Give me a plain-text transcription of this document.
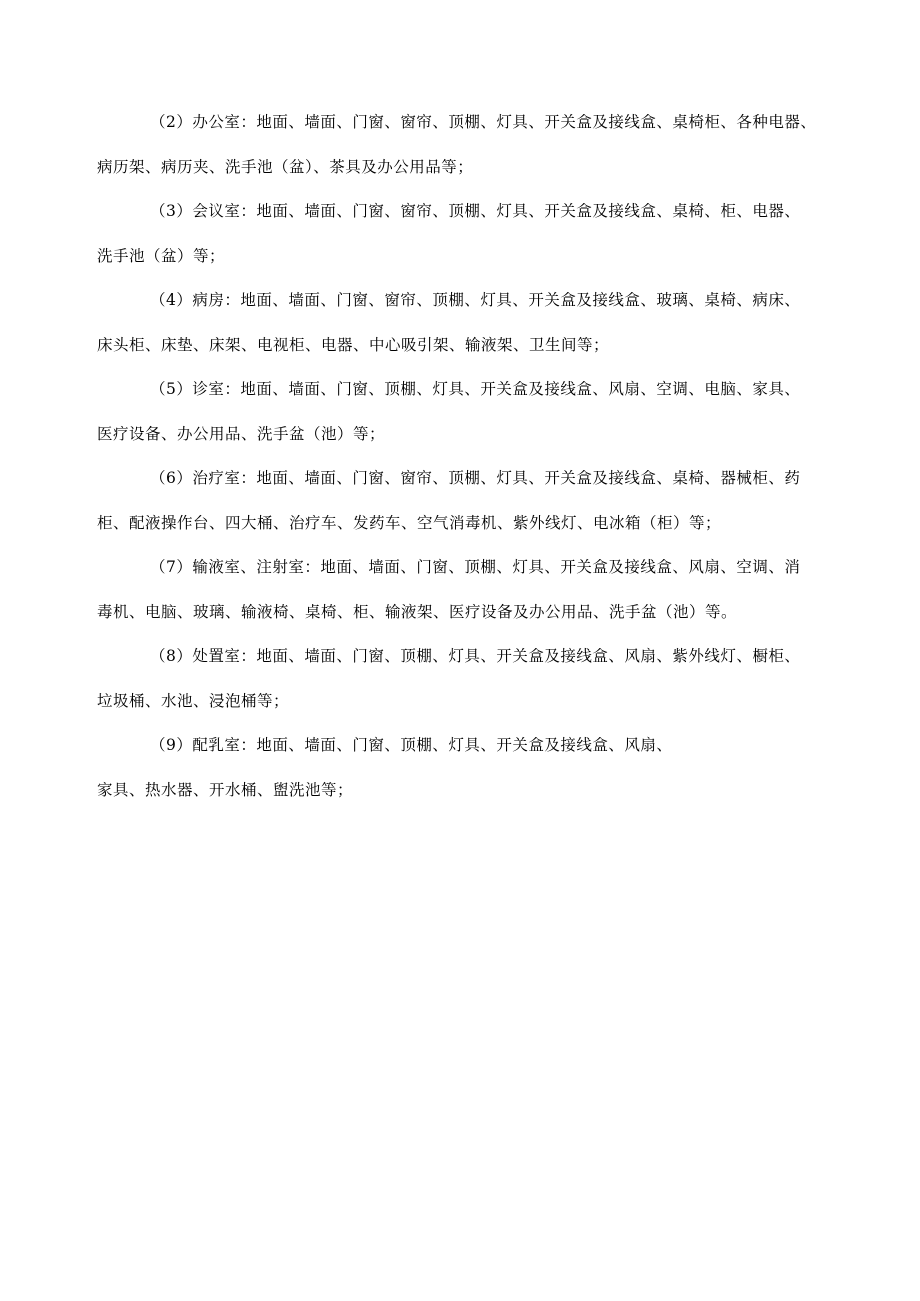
（2）办公室：地面、墙面、门窗、窗帘、顶棚、灯具、开关盒及接线盒、桌椅柜、各种电器、
病历架、病历夹、洗手池（盆）、茶具及办公用品等；

（3）会议室：地面、墙面、门窗、窗帘、顶棚、灯具、开关盒及接线盒、桌椅、柜、电器、
洗手池（盆）等；

（4）病房：地面、墙面、门窗、窗帘、顶棚、灯具、开关盒及接线盒、玻璃、桌椅、病床、
床头柜、床垫、床架、电视柜、电器、中心吸引架、输液架、卫生间等；

（5）诊室：地面、墙面、门窗、顶棚、灯具、开关盒及接线盒、风扇、空调、电脑、家具、
医疗设备、办公用品、洗手盆（池）等；

（6）治疗室：地面、墙面、门窗、窗帘、顶棚、灯具、开关盒及接线盒、桌椅、器械柜、药
柜、配液操作台、四大桶、治疗车、发药车、空气消毒机、紫外线灯、电冰箱（柜）等；

（7）输液室、注射室：地面、墙面、门窗、顶棚、灯具、开关盒及接线盒、风扇、空调、消
毒机、电脑、玻璃、输液椅、桌椅、柜、输液架、医疗设备及办公用品、洗手盆（池）等。

（8）处置室：地面、墙面、门窗、顶棚、灯具、开关盒及接线盒、风扇、紫外线灯、橱柜、
垃圾桶、水池、浸泡桶等；

（9）配乳室：地面、墙面、门窗、顶棚、灯具、开关盒及接线盒、风扇、
家具、热水器、开水桶、盥洗池等；
